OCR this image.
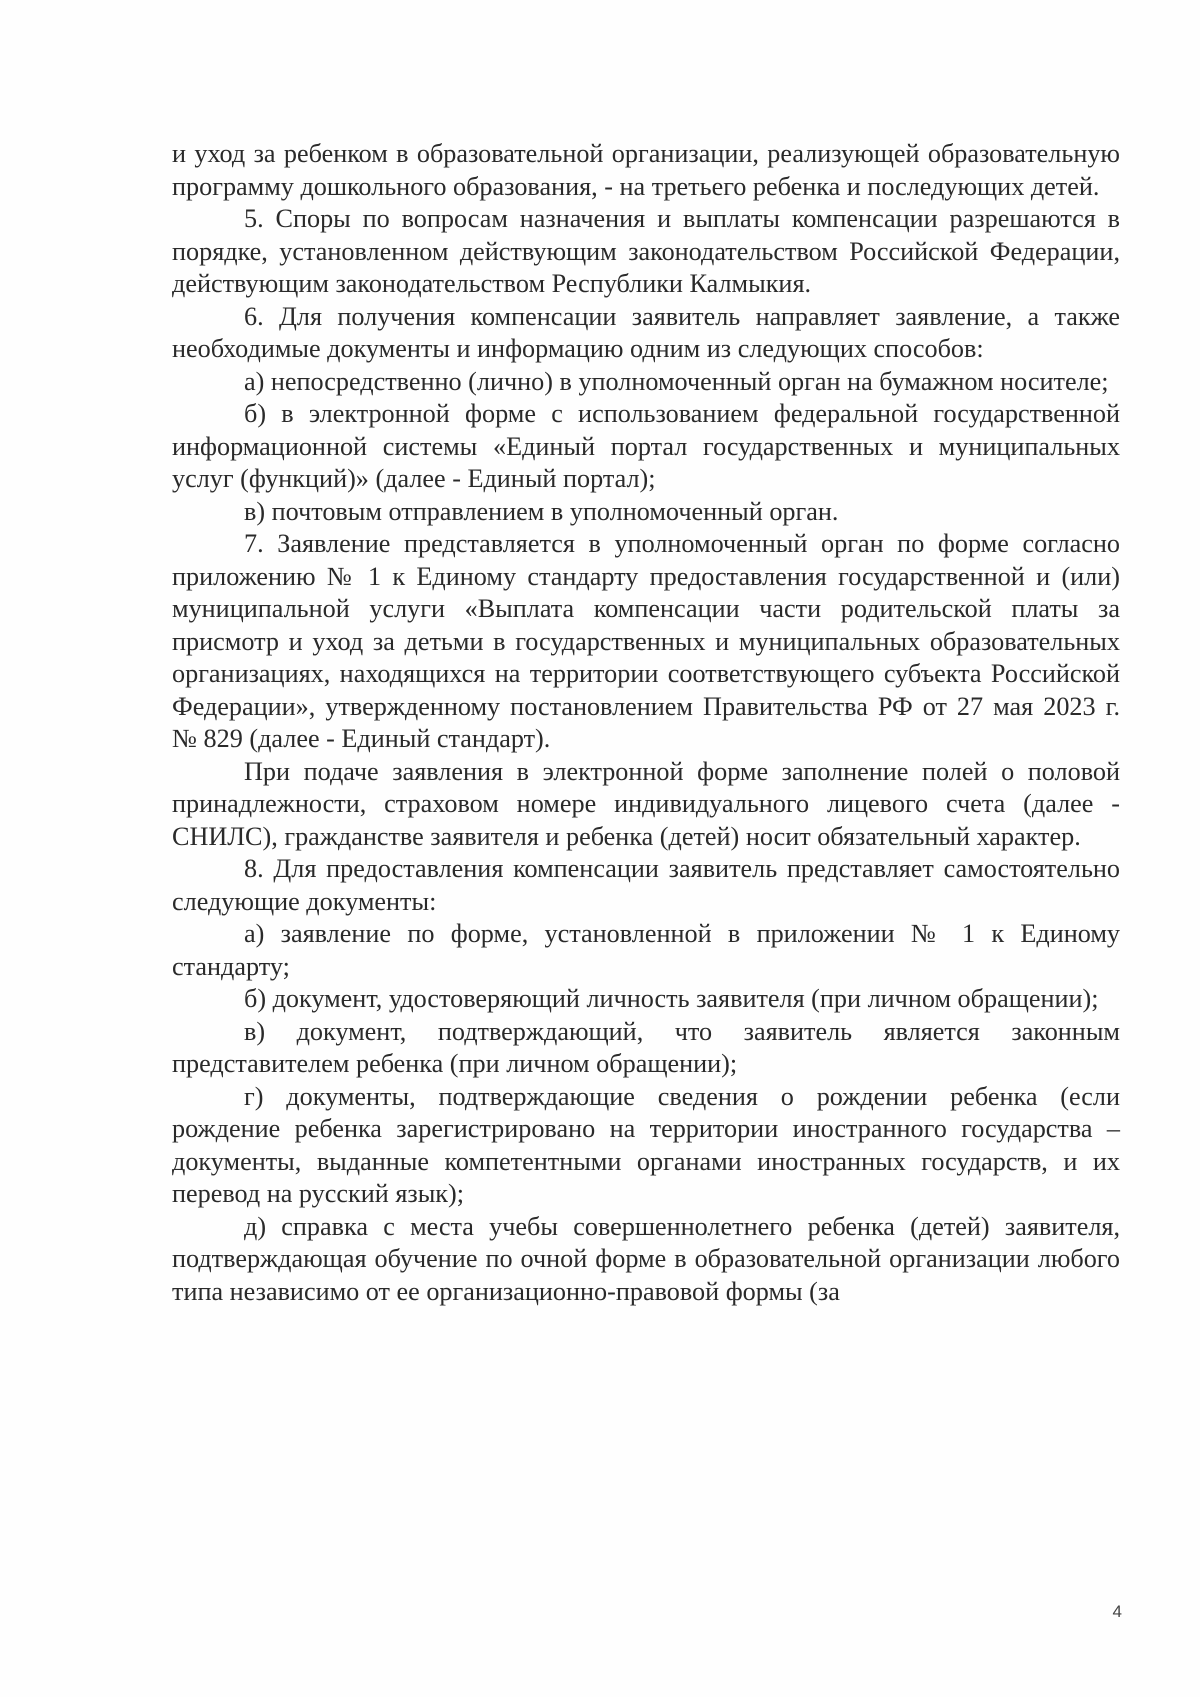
и уход за ребенком в образовательной организации, реализующей образовательную программу дошкольного образования, - на третьего ребенка и последующих детей.

5. Споры по вопросам назначения и выплаты компенсации разрешаются в порядке, установленном действующим законодательством Российской Федерации, действующим законодательством Республики Калмыкия.

6. Для получения компенсации заявитель направляет заявление, а также необходимые документы и информацию одним из следующих способов:

а) непосредственно (лично) в уполномоченный орган на бумажном носителе;

б) в электронной форме с использованием федеральной государственной информационной системы «Единый портал государственных и муниципальных услуг (функций)» (далее - Единый портал);

в) почтовым отправлением в уполномоченный орган.

7. Заявление представляется в уполномоченный орган по форме согласно приложению № 1 к Единому стандарту предоставления государственной и (или) муниципальной услуги «Выплата компенсации части родительской платы за присмотр и уход за детьми в государственных и муниципальных образовательных организациях, находящихся на территории соответствующего субъекта Российской Федерации», утвержденному постановлением Правительства РФ от 27 мая 2023 г. № 829 (далее - Единый стандарт).

При подаче заявления в электронной форме заполнение полей о половой принадлежности, страховом номере индивидуального лицевого счета (далее - СНИЛС), гражданстве заявителя и ребенка (детей) носит обязательный характер.

8. Для предоставления компенсации заявитель представляет самостоятельно следующие документы:

а) заявление по форме, установленной в приложении № 1 к Единому стандарту;

б) документ, удостоверяющий личность заявителя (при личном обращении);

в) документ, подтверждающий, что заявитель является законным представителем ребенка (при личном обращении);

г) документы, подтверждающие сведения о рождении ребенка (если рождение ребенка зарегистрировано на территории иностранного государства – документы, выданные компетентными органами иностранных государств, и их перевод на русский язык);

д) справка с места учебы совершеннолетнего ребенка (детей) заявителя, подтверждающая обучение по очной форме в образовательной организации любого типа независимо от ее организационно-правовой формы (за

4
